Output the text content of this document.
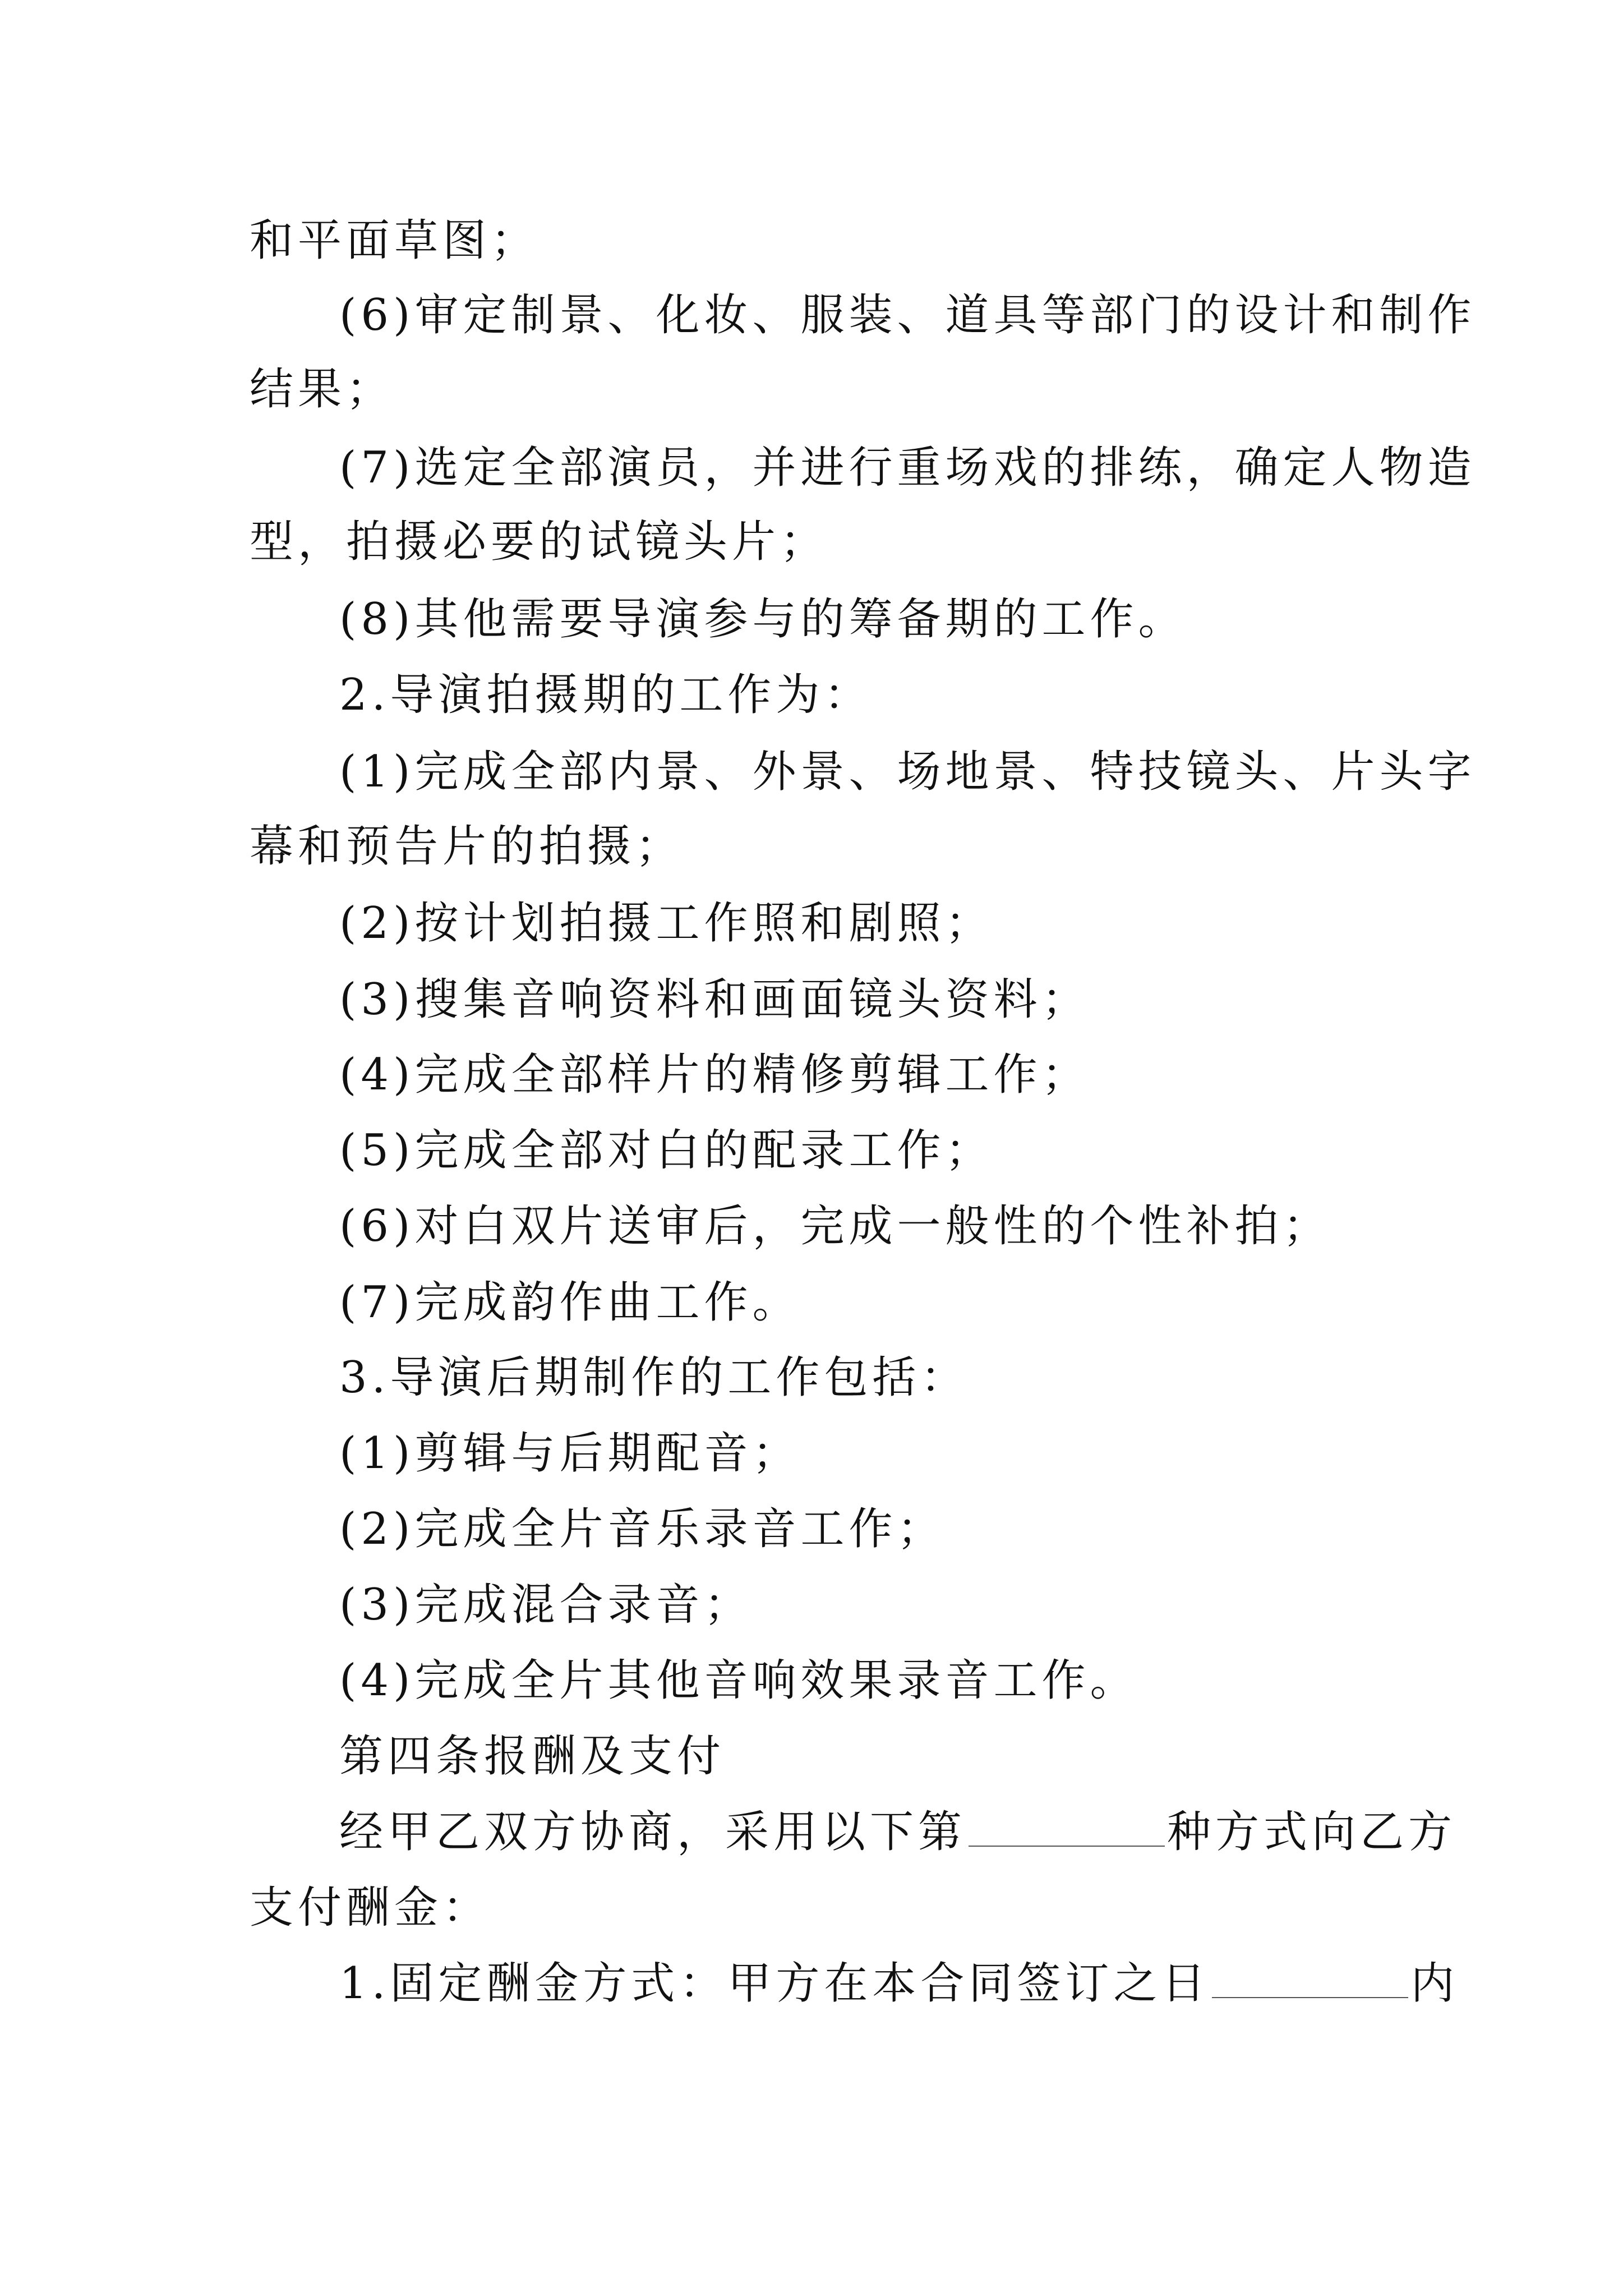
和平面草图；
(6)审定制景、化妆、服装、道具等部门的设计和制作
结果；
(7)选定全部演员，并进行重场戏的排练，确定人物造
型，拍摄必要的试镜头片；
(8)其他需要导演参与的筹备期的工作。
2.导演拍摄期的工作为：
(1)完成全部内景、外景、场地景、特技镜头、片头字
幕和预告片的拍摄；
(2)按计划拍摄工作照和剧照；
(3)搜集音响资料和画面镜头资料；
(4)完成全部样片的精修剪辑工作；
(5)完成全部对白的配录工作；
(6)对白双片送审后，完成一般性的个性补拍；
(7)完成韵作曲工作。
3.导演后期制作的工作包括：
(1)剪辑与后期配音；
(2)完成全片音乐录音工作；
(3)完成混合录音；
(4)完成全片其他音响效果录音工作。
第四条报酬及支付
经甲乙双方协商，采用以下第	种方式向乙方
支付酬金：
1.固定酬金方式：甲方在本合同签订之日	内
